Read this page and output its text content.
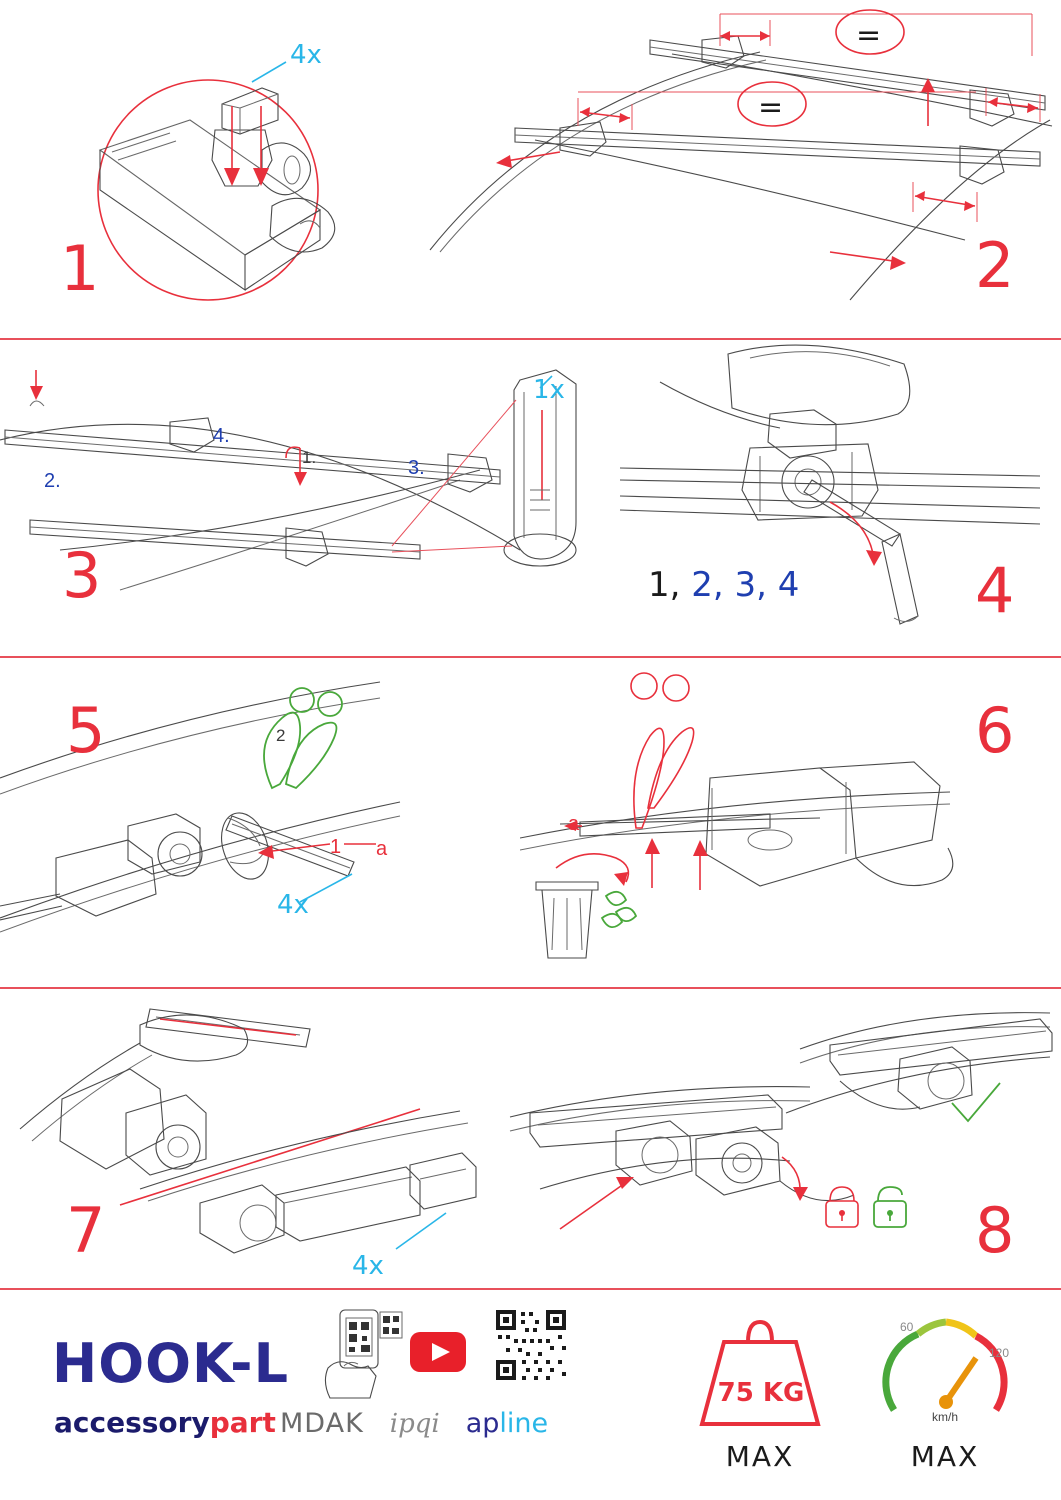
1
4x
2
=
=
3
1.
2.
3.
4.
1x
4
1, 2, 3, 4
5	2
1 a
4x
6
a
7	4x	8
HOOK-L
accessorypart MDAK ipqi apline
75 KG
MAX
60
120
km/h
MAX
